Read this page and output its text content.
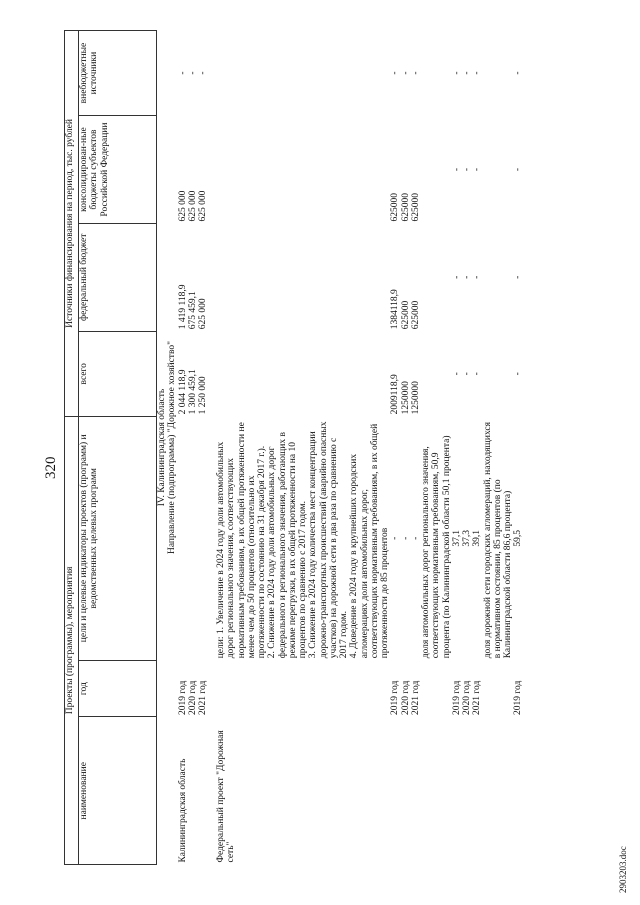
320
Проекты (программы), мероприятия			Источники финансирования на период, тыс. рублей			
наименование	год	цели и целевые индикаторы проектов (программ) и ведомственных целевых программ	всего	федеральный бюджет	консолидирован-ные бюджеты субъектов Российской Федерации	внебюджетные источники
IV. Калининградская область						
Направление (подпрограмма) "Дорожное хозяйство"						
Калининградская область	2019 год		2 044 118,9	1 419 118,9	625 000	-
	2020 год		1 300 459,1	675 459,1	625 000	-
	2021 год		1 250 000	625 000	625 000	-
Федеральный проект "Дорожная сеть"		цели: 1. Увеличение в 2024 году доли автомобильных дорог регионального значения, соответствующих нормативным требованиям, в их общей протяженности не менее чем до 50 процентов (относительно их протяженности по состоянию на 31 декабря 2017 г.). 2. Снижение в 2024 году доли автомобильных дорог федерального и регионального значения, работающих в режиме перегрузки, в их общей протяженности на 10 процентов по сравнению с 2017 годом. 3. Снижение в 2024 году количества мест концентрации дорожно-транспортных происшествий (аварийно опасных участков) на дорожной сети в два раза по сравнению с 2017 годом. 4. Доведение в 2024 году в крупнейших городских агломерациях доли автомобильных дорог, соответствующих нормативным требованиям, в их общей протяженности до 85 процентов				

	2019 год	-	2009118,9	1384118,9	625000	-
	2020 год	-	1250000	625000	625000	-
	2021 год	-	1250000	625000	625000	-
		доля автомобильных дорог регионального значения, соответствующих нормативным требованиям, 50,9 процента (по Калининградской области 50,1 процента)				
	2019 год	37,1	-	-	-	-
	2020 год	37,3	-	-	-	-
	2021 год	39,1	-	-	-	-
		доля дорожной сети городских агломераций, находящихся в нормативном состоянии, 85 процентов (по Калининградской области 86,6 процента)				
	2019 год	59,5	-	-	-	-
2903203.doc
